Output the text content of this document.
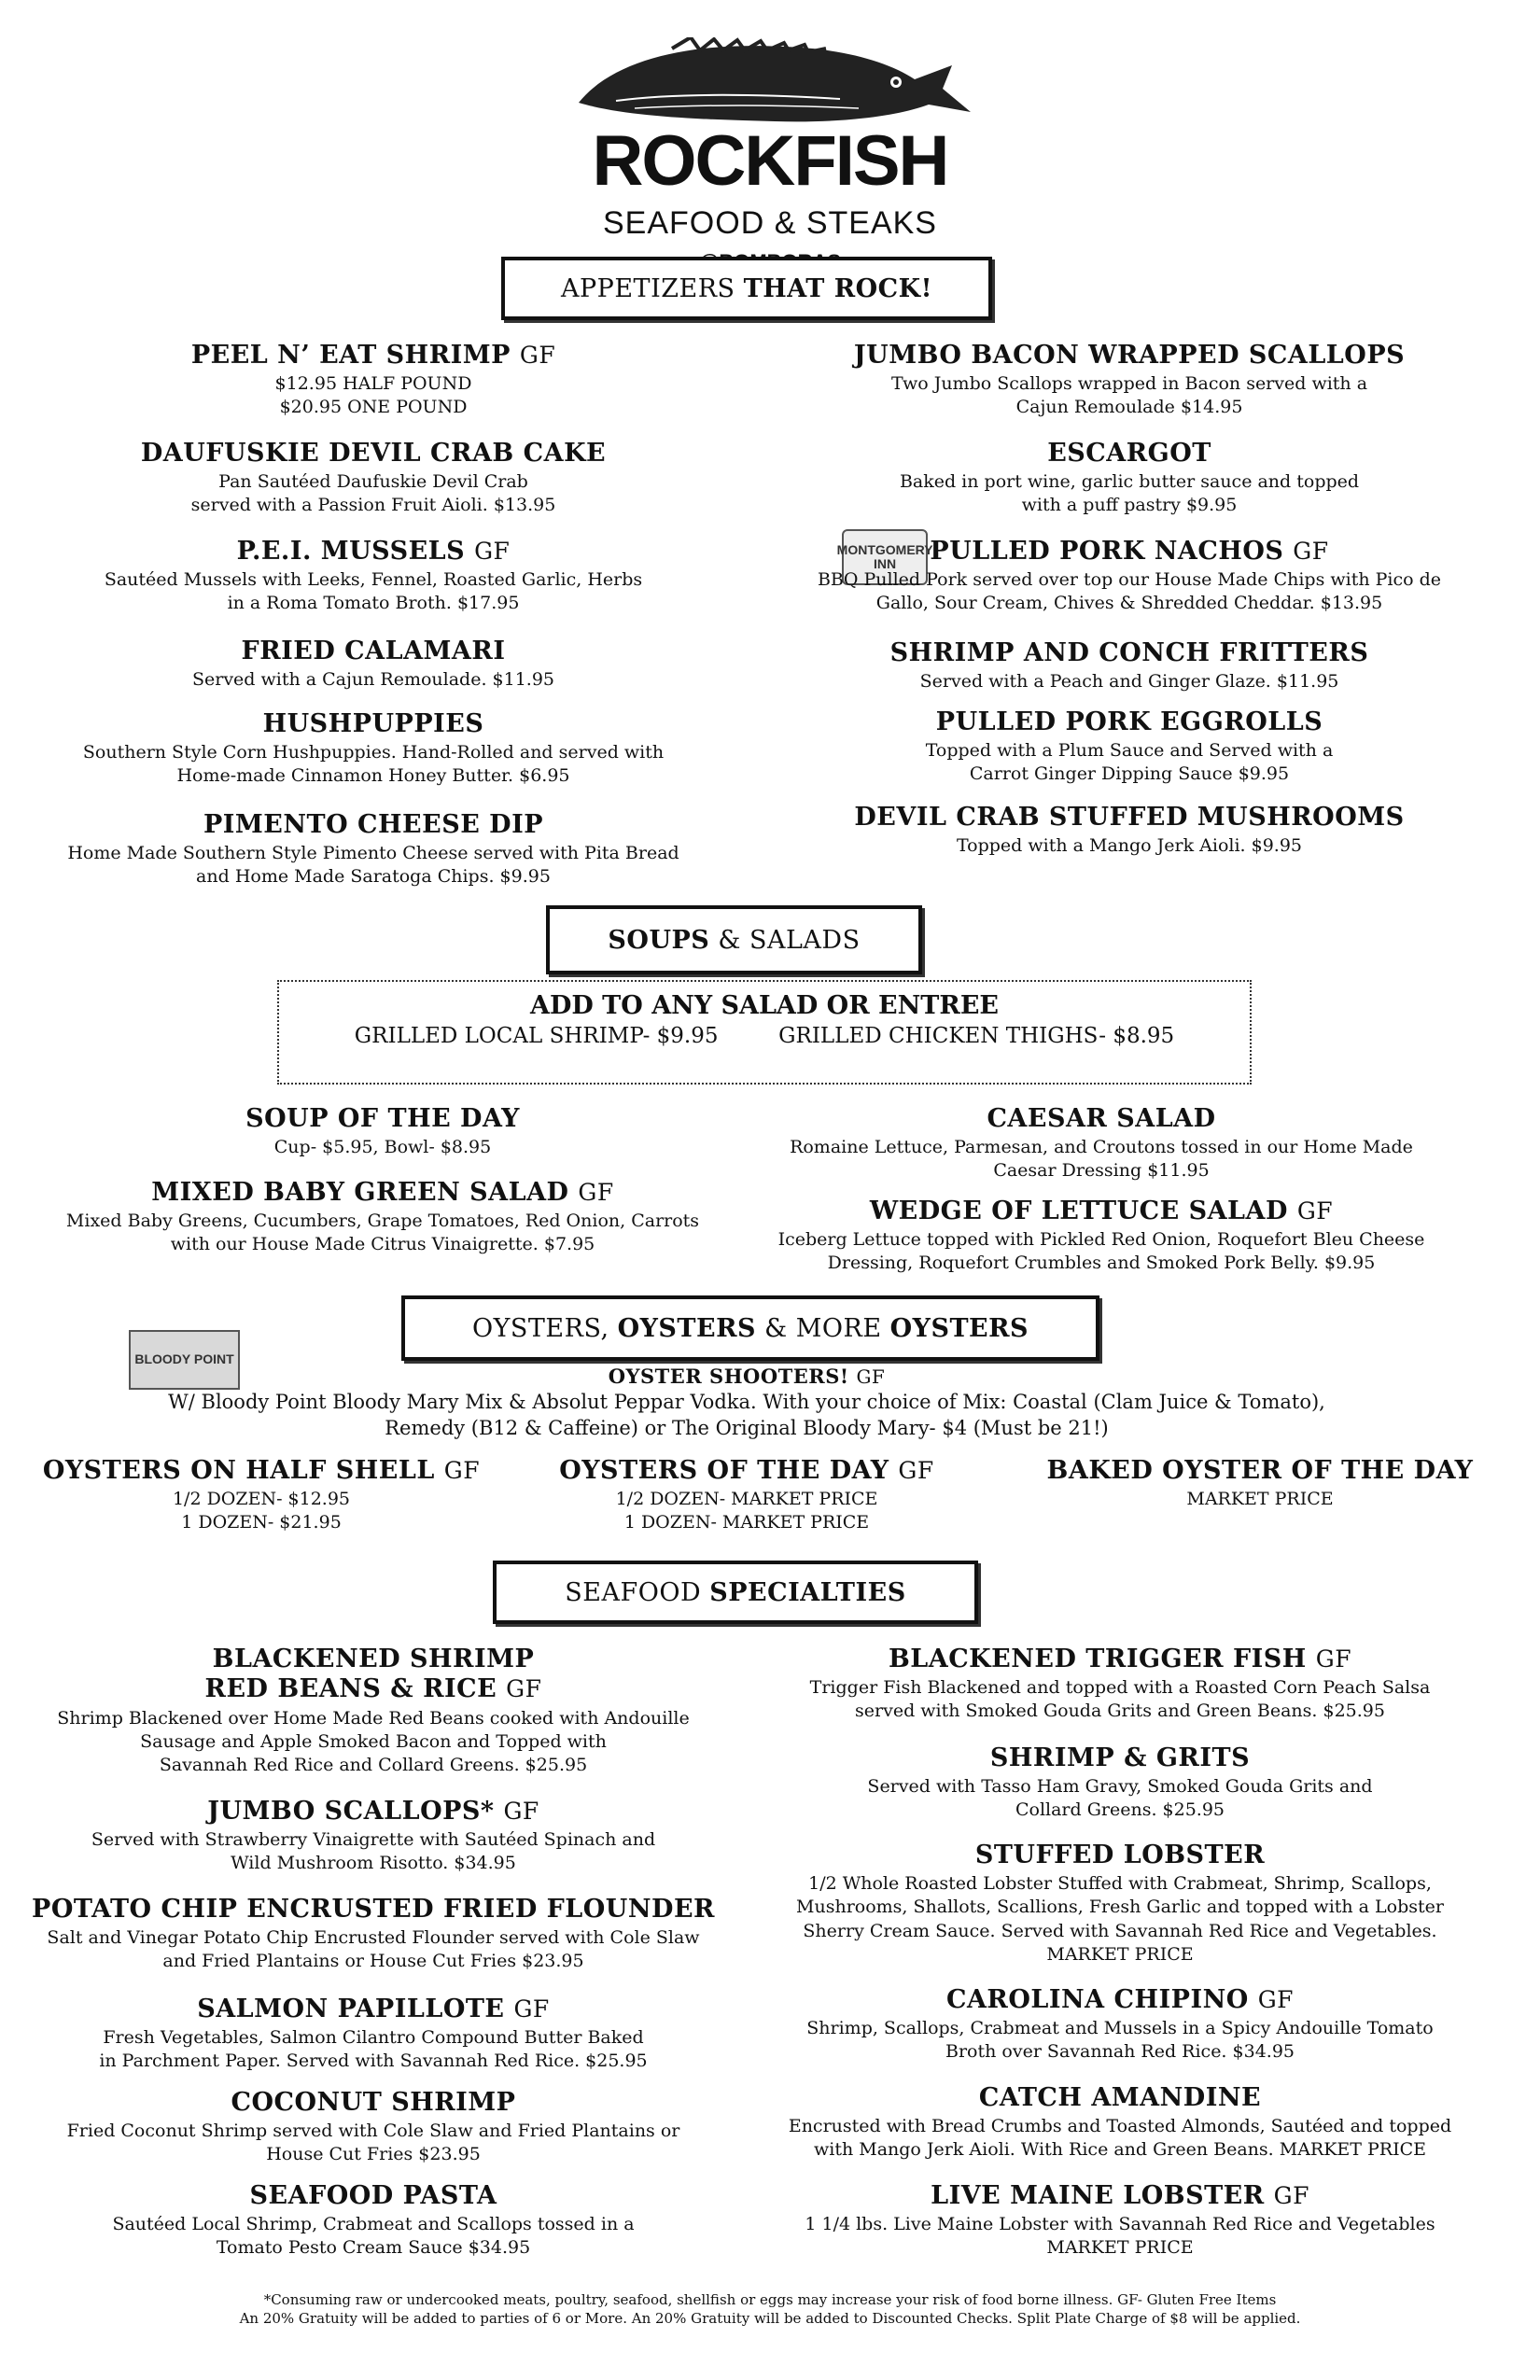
ROCKFISH
SEAFOOD & STEAKS
APPETIZERS THAT ROCK!
PEEL N’ EAT SHRIMP GF

$12.95 HALF POUND
$20.95 ONE POUND

DAUFUSKIE DEVIL CRAB CAKE

Pan Sautéed Daufuskie Devil Crab
served with a Passion Fruit Aioli. $13.95

P.E.I. MUSSELS GF

Sautéed Mussels with Leeks, Fennel, Roasted Garlic, Herbs
in a Roma Tomato Broth. $17.95

FRIED CALAMARI

Served with a Cajun Remoulade. $11.95

HUSHPUPPIES

Southern Style Corn Hushpuppies. Hand-Rolled and served with
Home-made Cinnamon Honey Butter. $6.95

PIMENTO CHEESE DIP

Home Made Southern Style Pimento Cheese served with Pita Bread
and Home Made Saratoga Chips. $9.95

JUMBO BACON WRAPPED SCALLOPS

Two Jumbo Scallops wrapped in Bacon served with a
Cajun Remoulade $14.95

ESCARGOT

Baked in port wine, garlic butter sauce and topped
with a puff pastry $9.95

MONTGOMERY INN	PULLED PORK NACHOS GF

BBQ Pulled Pork served over top our House Made Chips with Pico de
Gallo, Sour Cream, Chives & Shredded Cheddar. $13.95

SHRIMP AND CONCH FRITTERS

Served with a Peach and Ginger Glaze. $11.95

PULLED PORK EGGROLLS

Topped with a Plum Sauce and Served with a
Carrot Ginger Dipping Sauce $9.95

DEVIL CRAB STUFFED MUSHROOMS

Topped with a Mango Jerk Aioli. $9.95

SOUPS & SALADS
ADD TO ANY SALAD OR ENTREE
GRILLED LOCAL SHRIMP- $9.95	GRILLED CHICKEN THIGHS- $8.95
SOUP OF THE DAY

Cup- $5.95, Bowl- $8.95

MIXED BABY GREEN SALAD GF

Mixed Baby Greens, Cucumbers, Grape Tomatoes, Red Onion, Carrots
with our House Made Citrus Vinaigrette. $7.95

CAESAR SALAD

Romaine Lettuce, Parmesan, and Croutons tossed in our Home Made
Caesar Dressing $11.95

WEDGE OF LETTUCE SALAD GF

Iceberg Lettuce topped with Pickled Red Onion, Roquefort Bleu Cheese
Dressing, Roquefort Crumbles and Smoked Pork Belly. $9.95

OYSTERS, OYSTERS & MORE OYSTERS
BLOODY POINT
OYSTER SHOOTERS! GF

W/ Bloody Point Bloody Mary Mix & Absolut Peppar Vodka. With your choice of Mix: Coastal (Clam Juice & Tomato),
Remedy (B12 & Caffeine) or The Original Bloody Mary- $4 (Must be 21!)

OYSTERS ON HALF SHELL GF

1/2 DOZEN- $12.95
1 DOZEN- $21.95

OYSTERS OF THE DAY GF

1/2 DOZEN- MARKET PRICE
1 DOZEN- MARKET PRICE

BAKED OYSTER OF THE DAY

MARKET PRICE

SEAFOOD SPECIALTIES
BLACKENED SHRIMP
RED BEANS & RICE GF

Shrimp Blackened over Home Made Red Beans cooked with Andouille
Sausage and Apple Smoked Bacon and Topped with
Savannah Red Rice and Collard Greens. $25.95

JUMBO SCALLOPS* GF

Served with Strawberry Vinaigrette with Sautéed Spinach and
Wild Mushroom Risotto. $34.95

POTATO CHIP ENCRUSTED FRIED FLOUNDER

Salt and Vinegar Potato Chip Encrusted Flounder served with Cole Slaw
and Fried Plantains or House Cut Fries $23.95

SALMON PAPILLOTE GF

Fresh Vegetables, Salmon Cilantro Compound Butter Baked
in Parchment Paper. Served with Savannah Red Rice. $25.95

COCONUT SHRIMP

Fried Coconut Shrimp served with Cole Slaw and Fried Plantains or
House Cut Fries $23.95

SEAFOOD PASTA

Sautéed Local Shrimp, Crabmeat and Scallops tossed in a
Tomato Pesto Cream Sauce $34.95

BLACKENED TRIGGER FISH GF

Trigger Fish Blackened and topped with a Roasted Corn Peach Salsa
served with Smoked Gouda Grits and Green Beans. $25.95

SHRIMP & GRITS

Served with Tasso Ham Gravy, Smoked Gouda Grits and
Collard Greens. $25.95

STUFFED LOBSTER

1/2 Whole Roasted Lobster Stuffed with Crabmeat, Shrimp, Scallops,
Mushrooms, Shallots, Scallions, Fresh Garlic and topped with a Lobster
Sherry Cream Sauce. Served with Savannah Red Rice and Vegetables.
MARKET PRICE

CAROLINA CHIPINO GF

Shrimp, Scallops, Crabmeat and Mussels in a Spicy Andouille Tomato
Broth over Savannah Red Rice. $34.95

CATCH AMANDINE

Encrusted with Bread Crumbs and Toasted Almonds, Sautéed and topped
with Mango Jerk Aioli. With Rice and Green Beans. MARKET PRICE

LIVE MAINE LOBSTER GF

1 1/4 lbs. Live Maine Lobster with Savannah Red Rice and Vegetables
MARKET PRICE

*Consuming raw or undercooked meats, poultry, seafood, shellfish or eggs may increase your risk of food borne illness. GF- Gluten Free Items
An 20% Gratuity will be added to parties of 6 or More. An 20% Gratuity will be added to Discounted Checks. Split Plate Charge of $8 will be applied.
